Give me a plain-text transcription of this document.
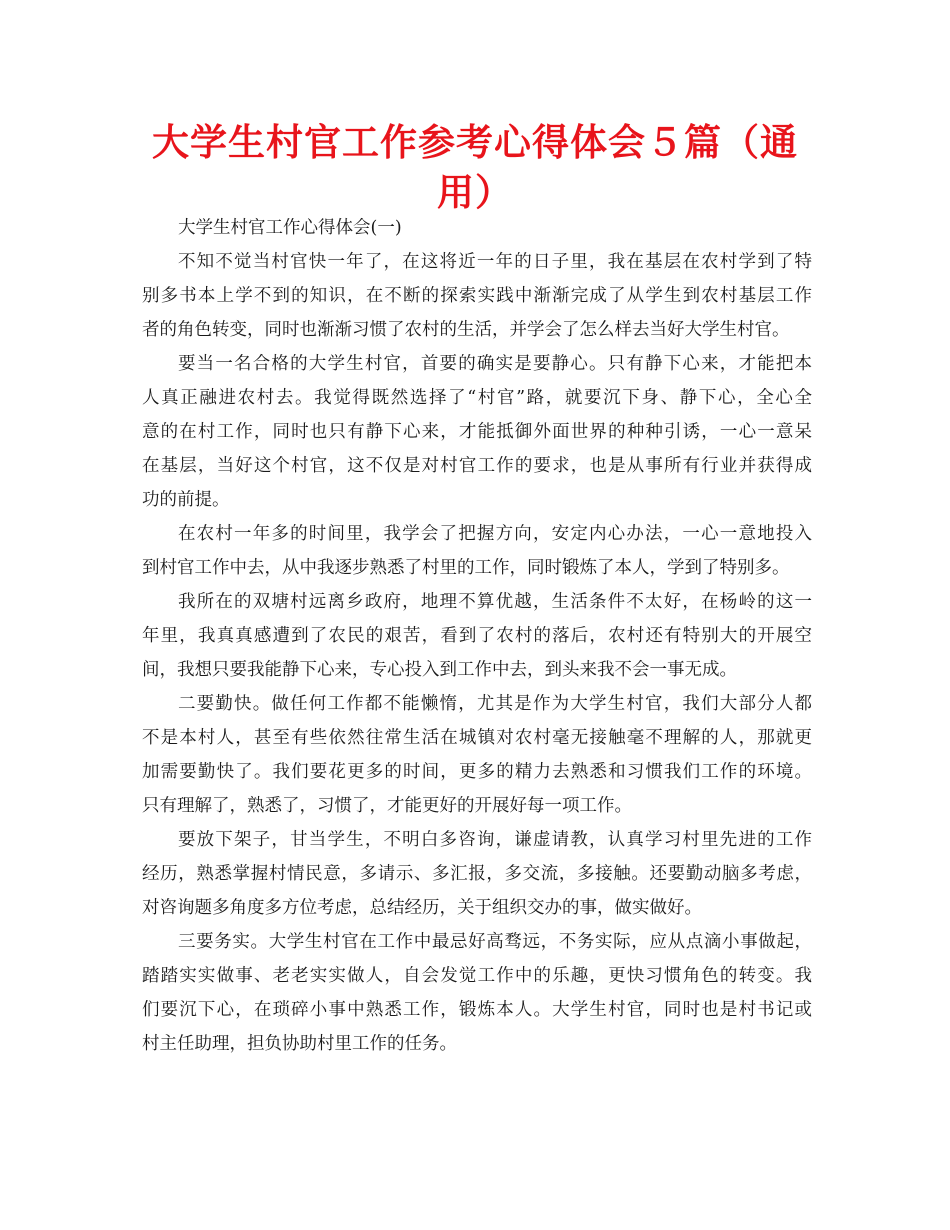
大学生村官工作参考心得体会５篇（通
用）

大学生村官工作心得体会(一)

不知不觉当村官快一年了，在这将近一年的日子里，我在基层在农村学到了特
别多书本上学不到的知识，在不断的探索实践中渐渐完成了从学生到农村基层工作
者的角色转变，同时也渐渐习惯了农村的生活，并学会了怎么样去当好大学生村官。

要当一名合格的大学生村官，首要的确实是要静心。只有静下心来，才能把本
人真正融进农村去。我觉得既然选择了“村官”路，就要沉下身、静下心，全心全
意的在村工作，同时也只有静下心来，才能抵御外面世界的种种引诱，一心一意呆
在基层，当好这个村官，这不仅是对村官工作的要求，也是从事所有行业并获得成
功的前提。

在农村一年多的时间里，我学会了把握方向，安定内心办法，一心一意地投入
到村官工作中去，从中我逐步熟悉了村里的工作，同时锻炼了本人，学到了特别多。

我所在的双塘村远离乡政府，地理不算优越，生活条件不太好，在杨岭的这一
年里，我真真感遭到了农民的艰苦，看到了农村的落后，农村还有特别大的开展空
间，我想只要我能静下心来，专心投入到工作中去，到头来我不会一事无成。

二要勤快。做任何工作都不能懒惰，尤其是作为大学生村官，我们大部分人都
不是本村人，甚至有些依然往常生活在城镇对农村毫无接触毫不理解的人，那就更
加需要勤快了。我们要花更多的时间，更多的精力去熟悉和习惯我们工作的环境。
只有理解了，熟悉了，习惯了，才能更好的开展好每一项工作。

要放下架子，甘当学生，不明白多咨询，谦虚请教，认真学习村里先进的工作
经历，熟悉掌握村情民意，多请示、多汇报，多交流，多接触。还要勤动脑多考虑，
对咨询题多角度多方位考虑，总结经历，关于组织交办的事，做实做好。

三要务实。大学生村官在工作中最忌好高骛远，不务实际，应从点滴小事做起，
踏踏实实做事、老老实实做人，自会发觉工作中的乐趣，更快习惯角色的转变。我
们要沉下心，在琐碎小事中熟悉工作，锻炼本人。大学生村官，同时也是村书记或
村主任助理，担负协助村里工作的任务。
